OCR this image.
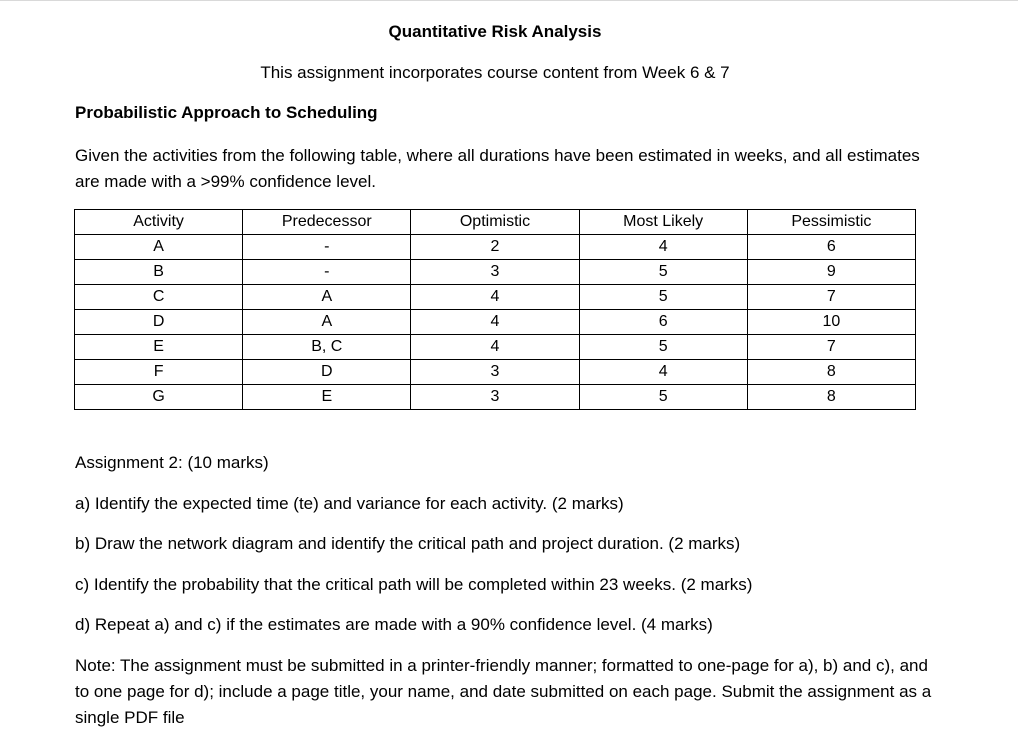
Quantitative Risk Analysis
This assignment incorporates course content from Week 6 & 7
Probabilistic Approach to Scheduling
Given the activities from the following table, where all durations have been estimated in weeks, and all estimates are made with a >99% confidence level.
Activity	Predecessor	Optimistic	Most Likely	Pessimistic
A	-	2	4	6
B	-	3	5	9
C	A	4	5	7
D	A	4	6	10
E	B, C	4	5	7
F	D	3	4	8
G	E	3	5	8

Assignment 2: (10 marks)

a) Identify the expected time (te) and variance for each activity. (2 marks)

b) Draw the network diagram and identify the critical path and project duration. (2 marks)

c) Identify the probability that the critical path will be completed within 23 weeks. (2 marks)

d) Repeat a) and c) if the estimates are made with a 90% confidence level. (4 marks)

Note: The assignment must be submitted in a printer-friendly manner; formatted to one-page for a), b) and c), and to one page for d); include a page title, your name, and date submitted on each page. Submit the assignment as a single PDF file
